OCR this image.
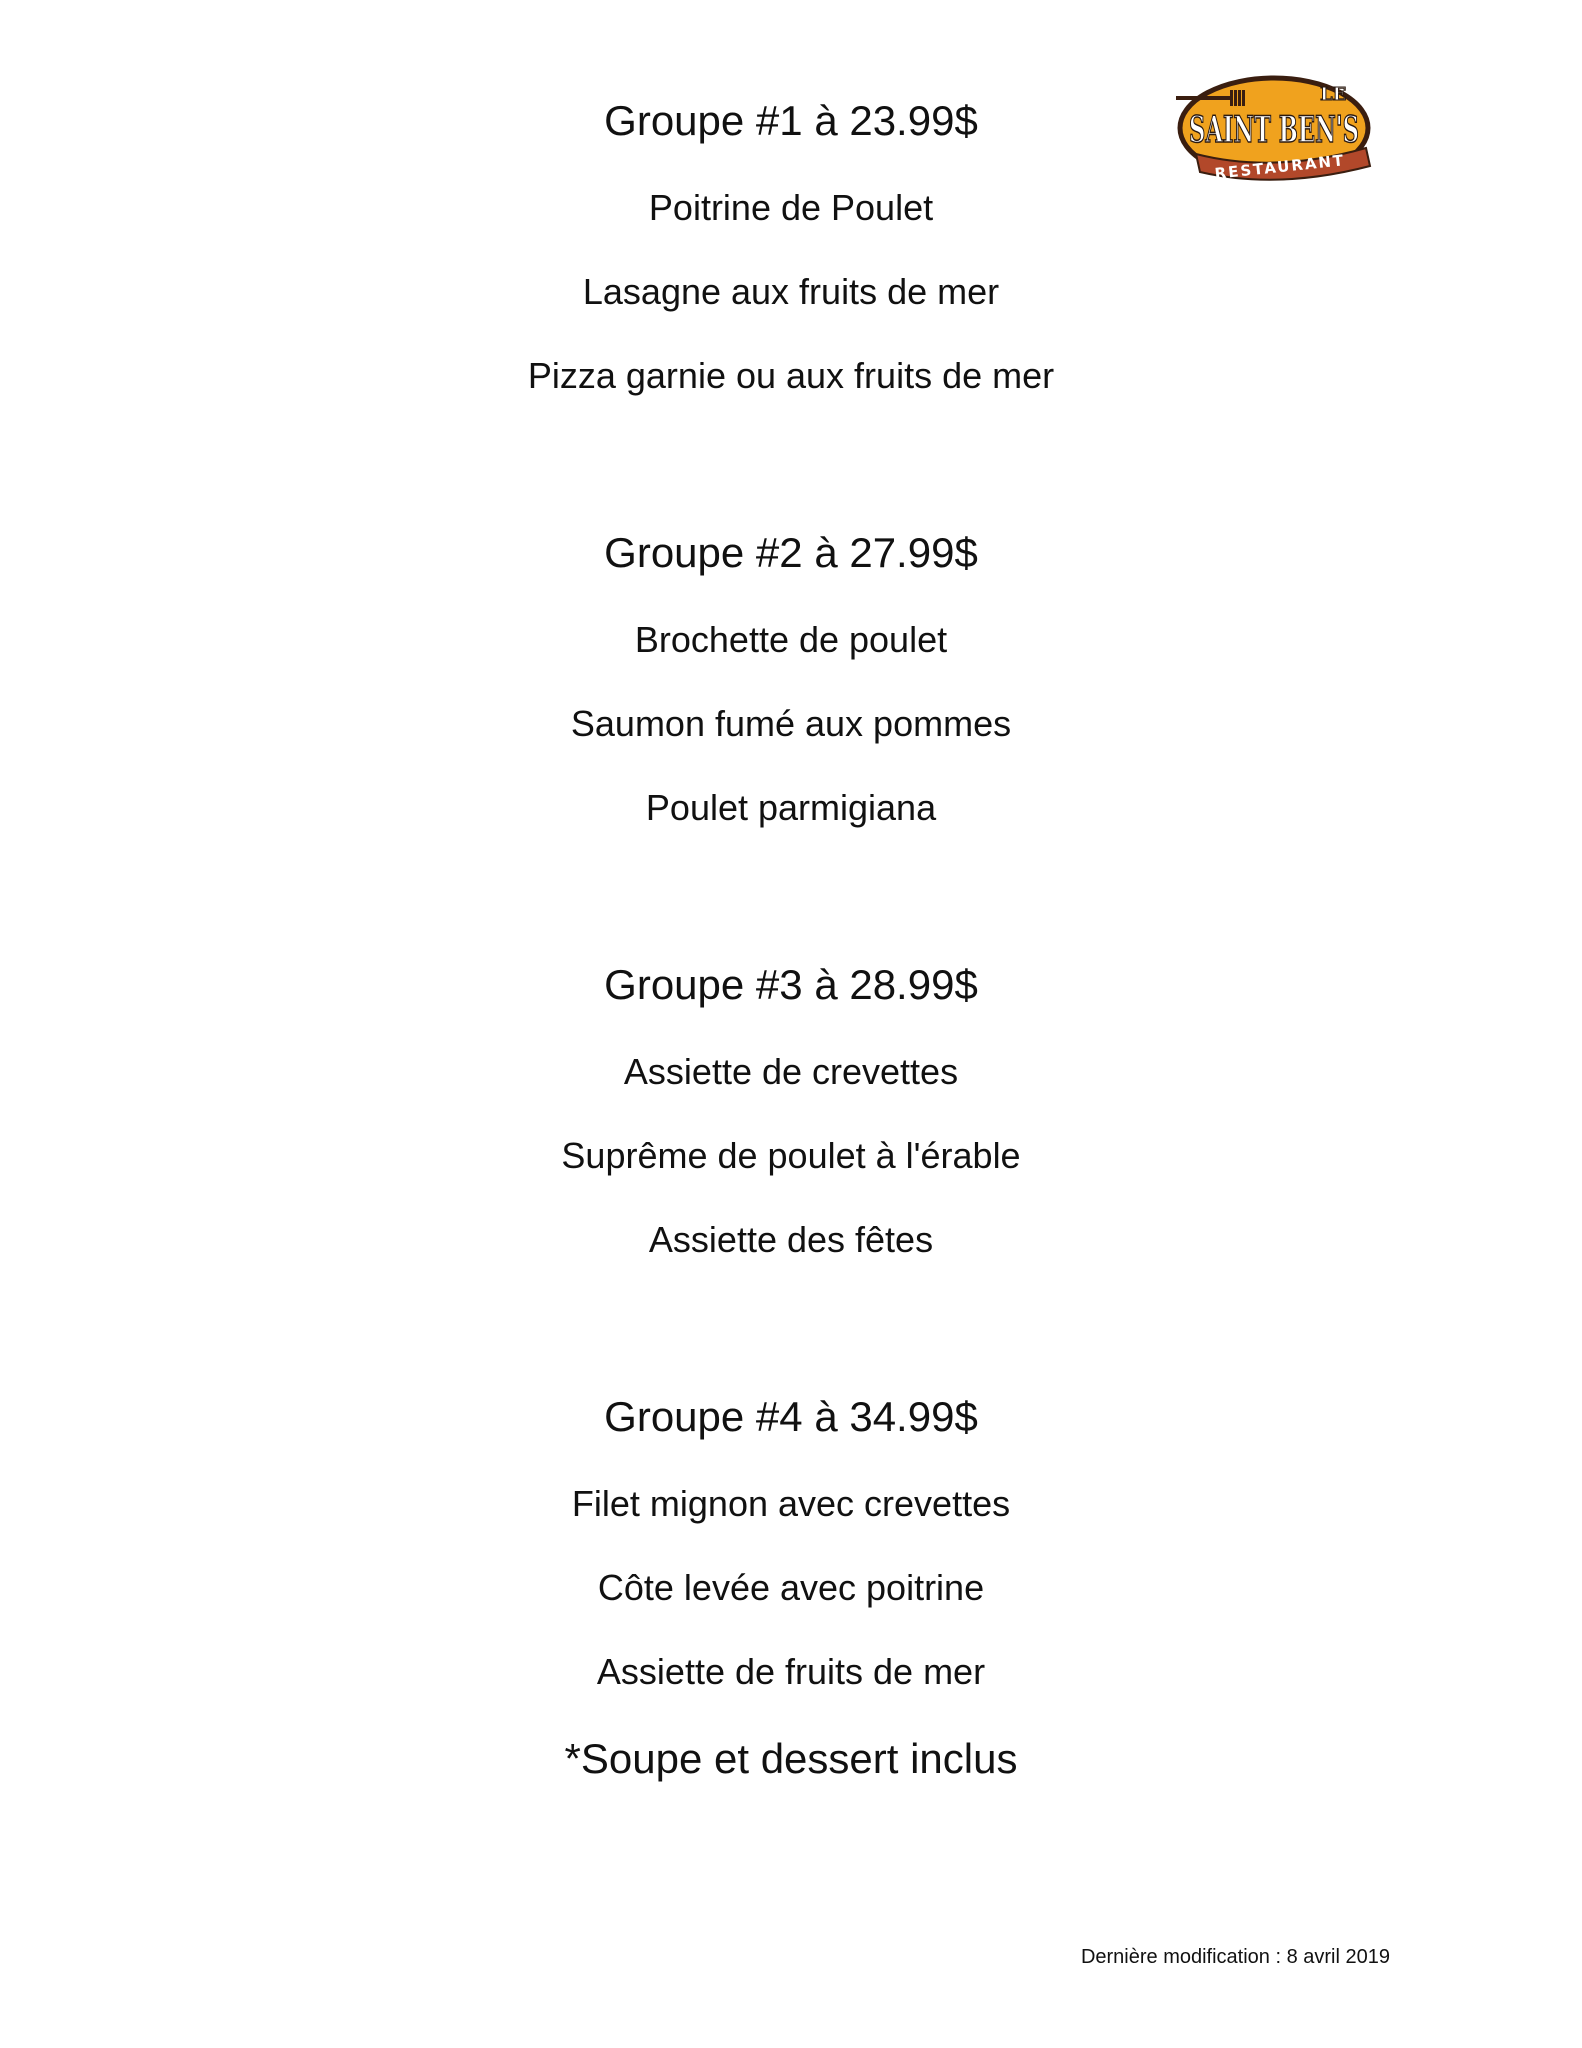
LE
SAINT BEN'S
RESTAURANT
Groupe #1 à 23.99$
Poitrine de Poulet
Lasagne aux fruits de mer
Pizza garnie ou aux fruits de mer
Groupe #2 à 27.99$
Brochette de poulet
Saumon fumé aux pommes
Poulet parmigiana
Groupe #3 à 28.99$
Assiette de crevettes
Suprême de poulet à l'érable
Assiette des fêtes
Groupe #4 à 34.99$
Filet mignon avec crevettes
Côte levée avec poitrine
Assiette de fruits de mer
*Soupe et dessert inclus
Dernière modification : 8 avril 2019
